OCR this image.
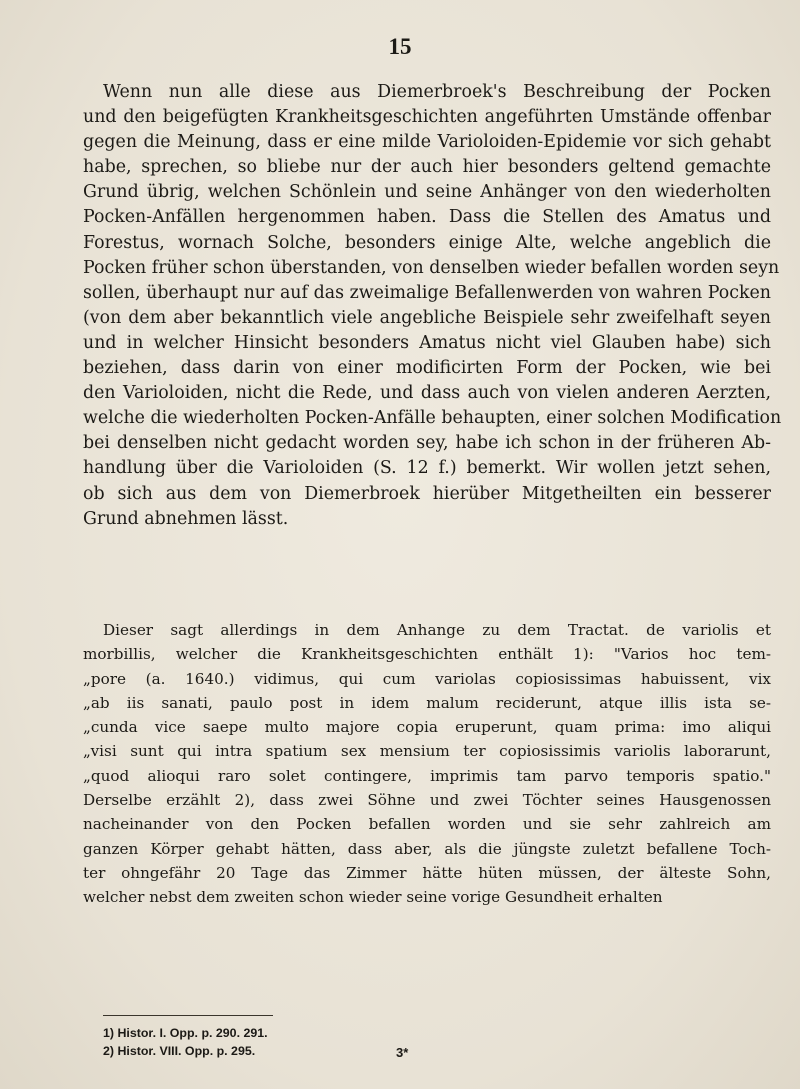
15
Wenn nun alle diese aus Diemerbroek's Beschreibung der Pocken
und den beigefügten Krankheitsgeschichten angeführten Umstände offenbar
gegen die Meinung, dass er eine milde Varioloiden-Epidemie vor sich gehabt
habe, sprechen, so bliebe nur der auch hier besonders geltend gemachte
Grund übrig, welchen Schönlein und seine Anhänger von den wiederholten
Pocken-Anfällen hergenommen haben. Dass die Stellen des Amatus und
Forestus, wornach Solche, besonders einige Alte, welche angeblich die
Pocken früher schon überstanden, von denselben wieder befallen worden seyn
sollen, überhaupt nur auf das zweimalige Befallenwerden von wahren Pocken
(von dem aber bekanntlich viele angebliche Beispiele sehr zweifelhaft seyen
und in welcher Hinsicht besonders Amatus nicht viel Glauben habe) sich
beziehen, dass darin von einer modificirten Form der Pocken, wie bei
den Varioloiden, nicht die Rede, und dass auch von vielen anderen Aerzten,
welche die wiederholten Pocken-Anfälle behaupten, einer solchen Modification
bei denselben nicht gedacht worden sey, habe ich schon in der früheren Ab-
handlung über die Varioloiden (S. 12 f.) bemerkt. Wir wollen jetzt sehen,
ob sich aus dem von Diemerbroek hierüber Mitgetheilten ein besserer
Grund abnehmen lässt.
Dieser sagt allerdings in dem Anhange zu dem Tractat. de variolis et
morbillis, welcher die Krankheitsgeschichten enthält 1): "Varios hoc tem-
„pore (a. 1640.) vidimus, qui cum variolas copiosissimas habuissent, vix
„ab iis sanati, paulo post in idem malum reciderunt, atque illis ista se-
„cunda vice saepe multo majore copia eruperunt, quam prima: imo aliqui
„visi sunt qui intra spatium sex mensium ter copiosissimis variolis laborarunt,
„quod alioqui raro solet contingere, imprimis tam parvo temporis spatio."
Derselbe erzählt 2), dass zwei Söhne und zwei Töchter seines Hausgenossen
nacheinander von den Pocken befallen worden und sie sehr zahlreich am
ganzen Körper gehabt hätten, dass aber, als die jüngste zuletzt befallene Toch-
ter ohngefähr 20 Tage das Zimmer hätte hüten müssen, der älteste Sohn,
welcher nebst dem zweiten schon wieder seine vorige Gesundheit erhalten
1) Histor. I. Opp. p. 290. 291.
2) Histor. VIII. Opp. p. 295.	3*
